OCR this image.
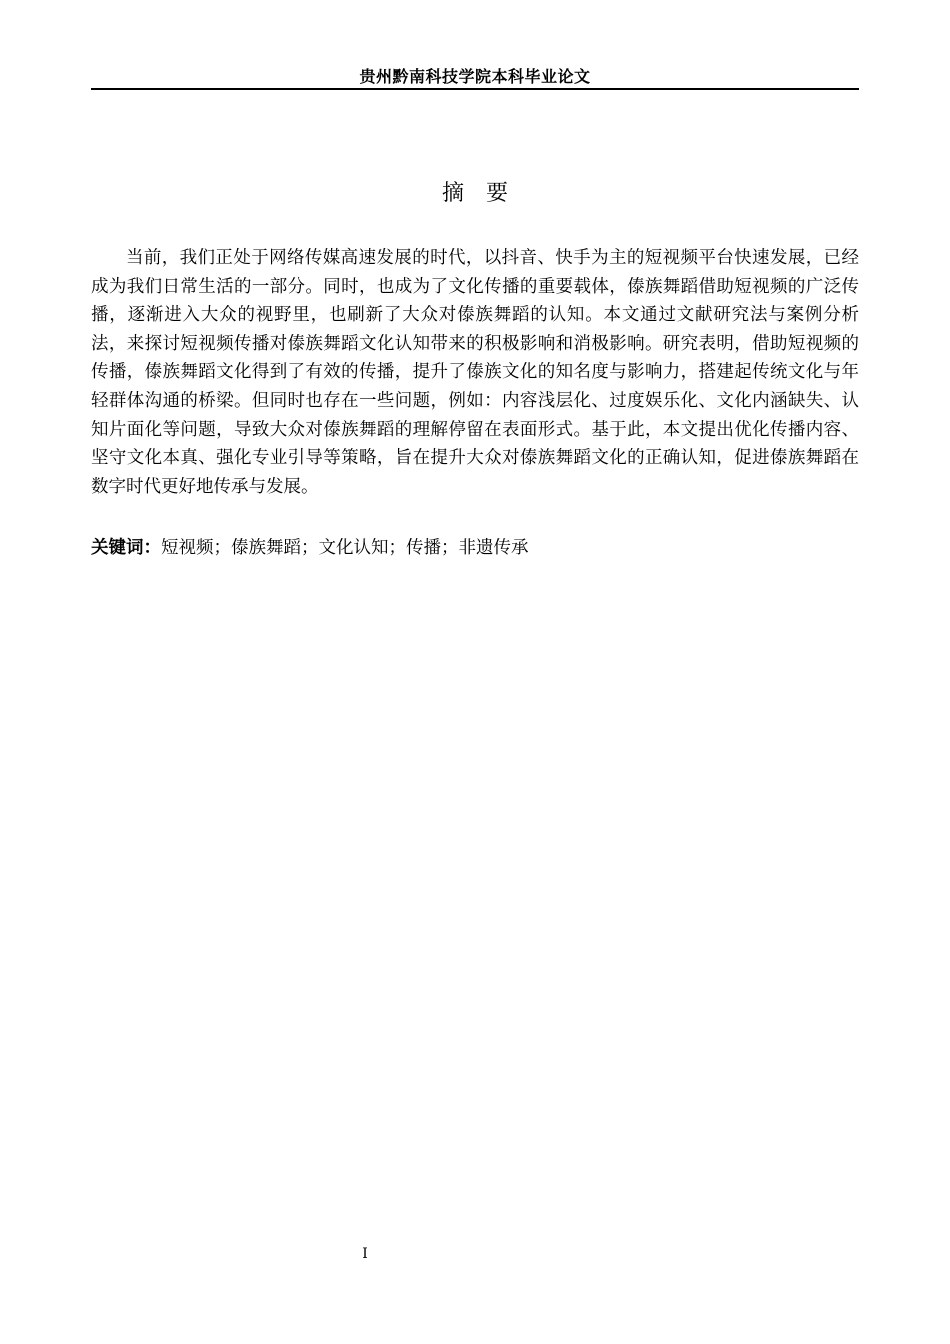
贵州黔南科技学院本科毕业论文
摘要

当前，我们正处于网络传媒高速发展的时代，以抖音、快手为主的短视频平台快速发展，已经成为我们日常生活的一部分。同时，也成为了文化传播的重要载体，傣族舞蹈借助短视频的广泛传播，逐渐进入大众的视野里，也刷新了大众对傣族舞蹈的认知。本文通过文献研究法与案例分析法，来探讨短视频传播对傣族舞蹈文化认知带来的积极影响和消极影响。研究表明，借助短视频的传播，傣族舞蹈文化得到了有效的传播，提升了傣族文化的知名度与影响力，搭建起传统文化与年轻群体沟通的桥梁。但同时也存在一些问题，例如：内容浅层化、过度娱乐化、文化内涵缺失、认知片面化等问题，导致大众对傣族舞蹈的理解停留在表面形式。基于此，本文提出优化传播内容、坚守文化本真、强化专业引导等策略，旨在提升大众对傣族舞蹈文化的正确认知，促进傣族舞蹈在数字时代更好地传承与发展。

关键词：短视频；傣族舞蹈；文化认知；传播；非遗传承
I
